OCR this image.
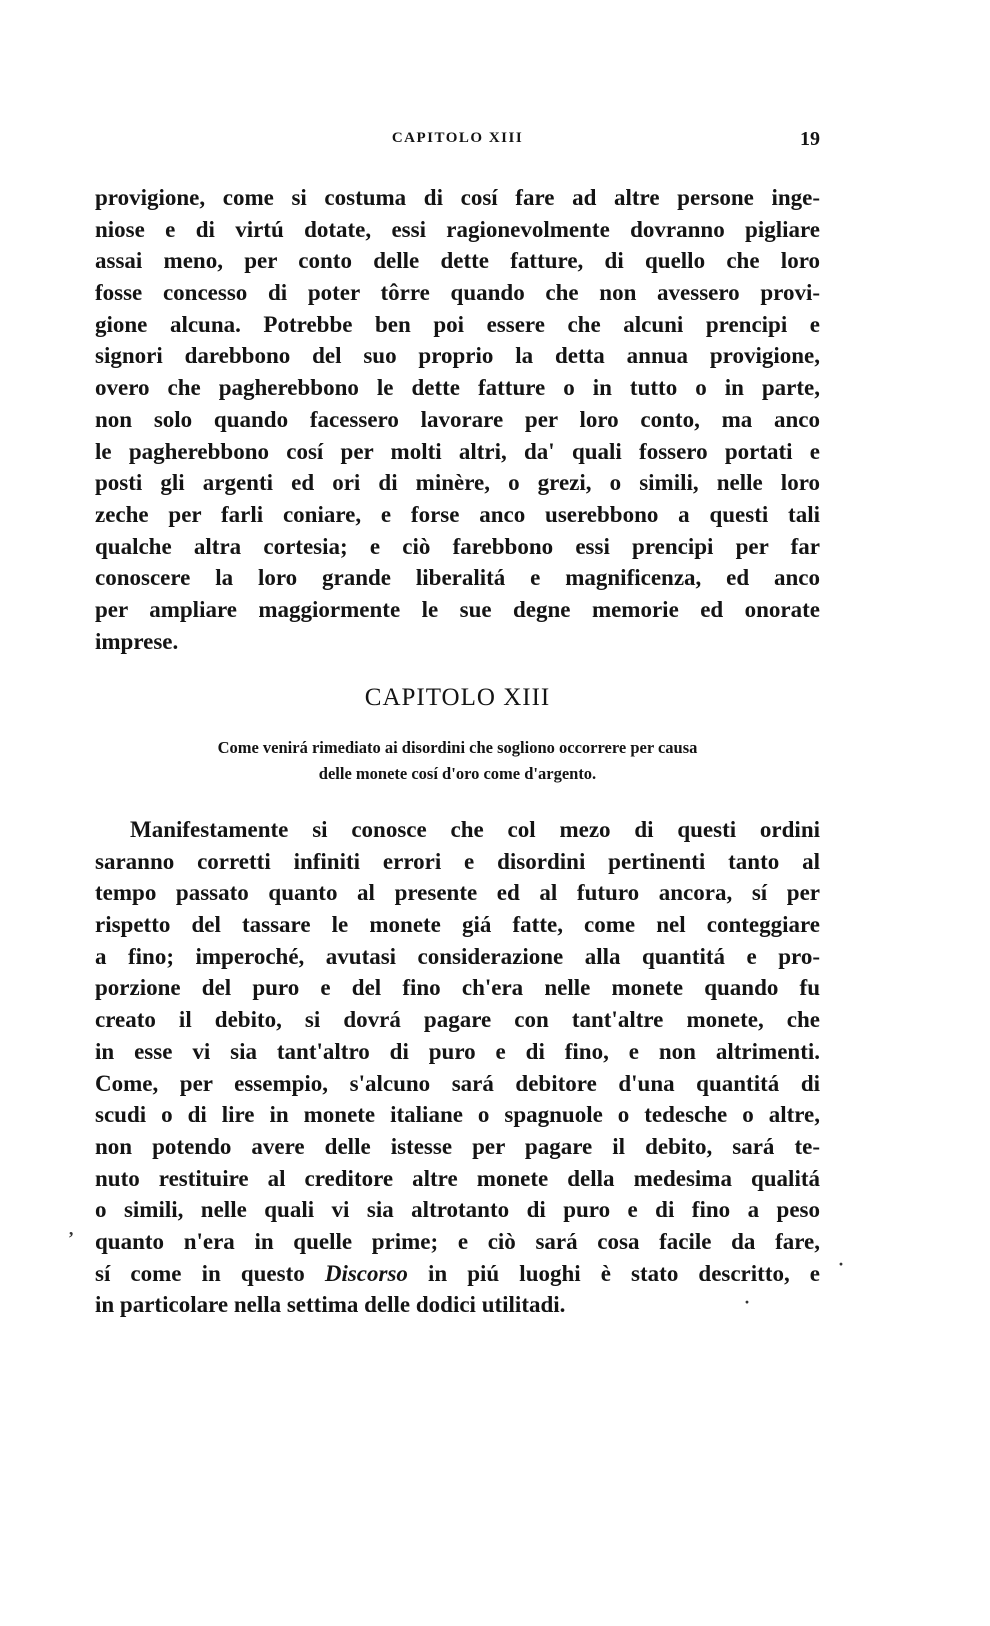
CAPITOLO XIII	19
provigione, come si costuma di cosí fare ad altre persone inge-
niose e di virtú dotate, essi ragionevolmente dovranno pigliare
assai meno, per conto delle dette fatture, di quello che loro
fosse concesso di poter tôrre quando che non avessero provi-
gione alcuna. Potrebbe ben poi essere che alcuni prencipi e
signori darebbono del suo proprio la detta annua provigione,
overo che pagherebbono le dette fatture o in tutto o in parte,
non solo quando facessero lavorare per loro conto, ma anco
le pagherebbono cosí per molti altri, da' quali fossero portati e
posti gli argenti ed ori di minère, o grezi, o simili, nelle loro
zeche per farli coniare, e forse anco userebbono a questi tali
qualche altra cortesia; e ciò farebbono essi prencipi per far
conoscere la loro grande liberalitá e magnificenza, ed anco
per ampliare maggiormente le sue degne memorie ed onorate
imprese.
CAPITOLO XIII
Come venirá rimediato ai disordini che sogliono occorrere per causa
delle monete cosí d'oro come d'argento.
Manifestamente si conosce che col mezo di questi ordini
saranno corretti infiniti errori e disordini pertinenti tanto al
tempo passato quanto al presente ed al futuro ancora, sí per
rispetto del tassare le monete giá fatte, come nel conteggiare
a fino; imperoché, avutasi considerazione alla quantitá e pro-
porzione del puro e del fino ch'era nelle monete quando fu
creato il debito, si dovrá pagare con tant'altre monete, che
in esse vi sia tant'altro di puro e di fino, e non altrimenti.
Come, per essempio, s'alcuno sará debitore d'una quantitá di
scudi o di lire in monete italiane o spagnuole o tedesche o altre,
non potendo avere delle istesse per pagare il debito, sará te-
nuto restituire al creditore altre monete della medesima qualitá
o simili, nelle quali vi sia altrotanto di puro e di fino a peso
quanto n'era in quelle prime; e ciò sará cosa facile da fare,
sí come in questo Discorso in piú luoghi è stato descritto, e
in particolare nella settima delle dodici utilitadi.
ʼ
·
·
